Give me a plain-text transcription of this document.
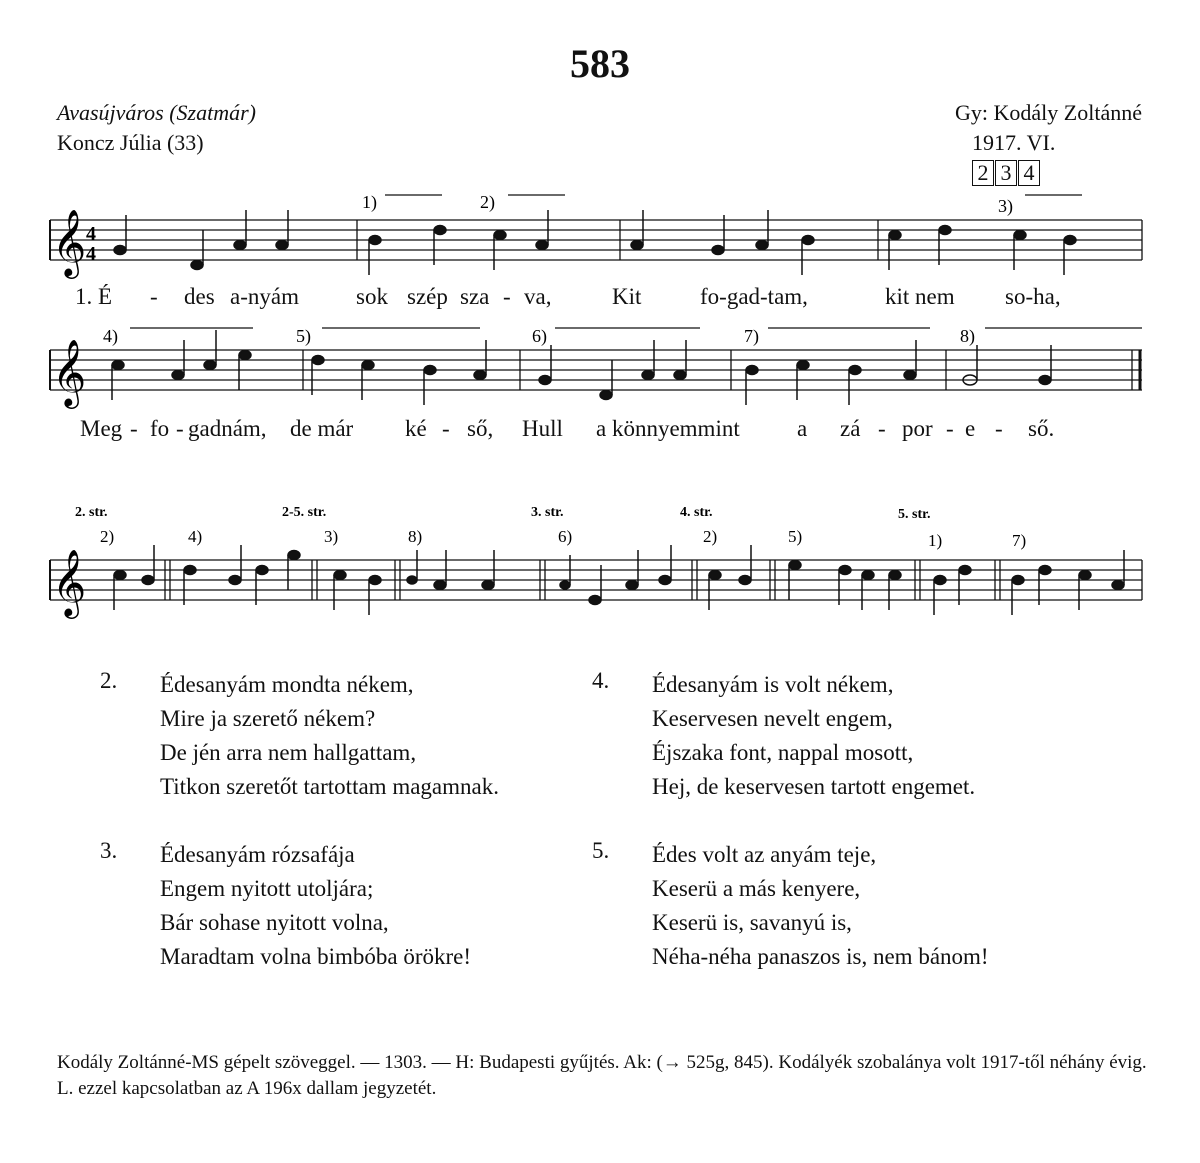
583
Avasújváros (Szatmár)
Koncz Júlia (33)
Gy: Kodály Zoltánné
1917. VI.
2 3 4
𝄞 4
4
1)	2)	3)
1. É - des a-nyám sok szép sza - va,	Kit	fo-gad-tam,	kit nem so-ha,
𝄞
4)	5)	6)	7)	8)
Meg - fo - gadnám, de már ké - ső, Hull a könnyemmint a zá - por - e - ső.
2. str.	2-5. str.	3. str.	4. str.	5. str.
2)	4)	3)	8)	6)	2)	5)	1)	7)
𝄞
2. Édesanyám mondta nékem,
Mire ja szerető nékem?
De jén arra nem hallgattam,
Titkon szeretőt tartottam magamnak.
3. Édesanyám rózsafája
Engem nyitott utoljára;
Bár sohase nyitott volna,
Maradtam volna bimbóba örökre!
4. Édesanyám is volt nékem,
Keservesen nevelt engem,
Éjszaka font, nappal mosott,
Hej, de keservesen tartott engemet.
5. Édes volt az anyám teje,
Keserü a más kenyere,
Keserü is, savanyú is,
Néha-néha panaszos is, nem bánom!
Kodály Zoltánné-MS gépelt szöveggel. — 1303. — H: Budapesti gyűjtés. Ak: (→ 525g, 845). Kodályék szobalánya volt 1917-től néhány évig. L. ezzel kapcsolatban az A 196x dallam jegyzetét.
